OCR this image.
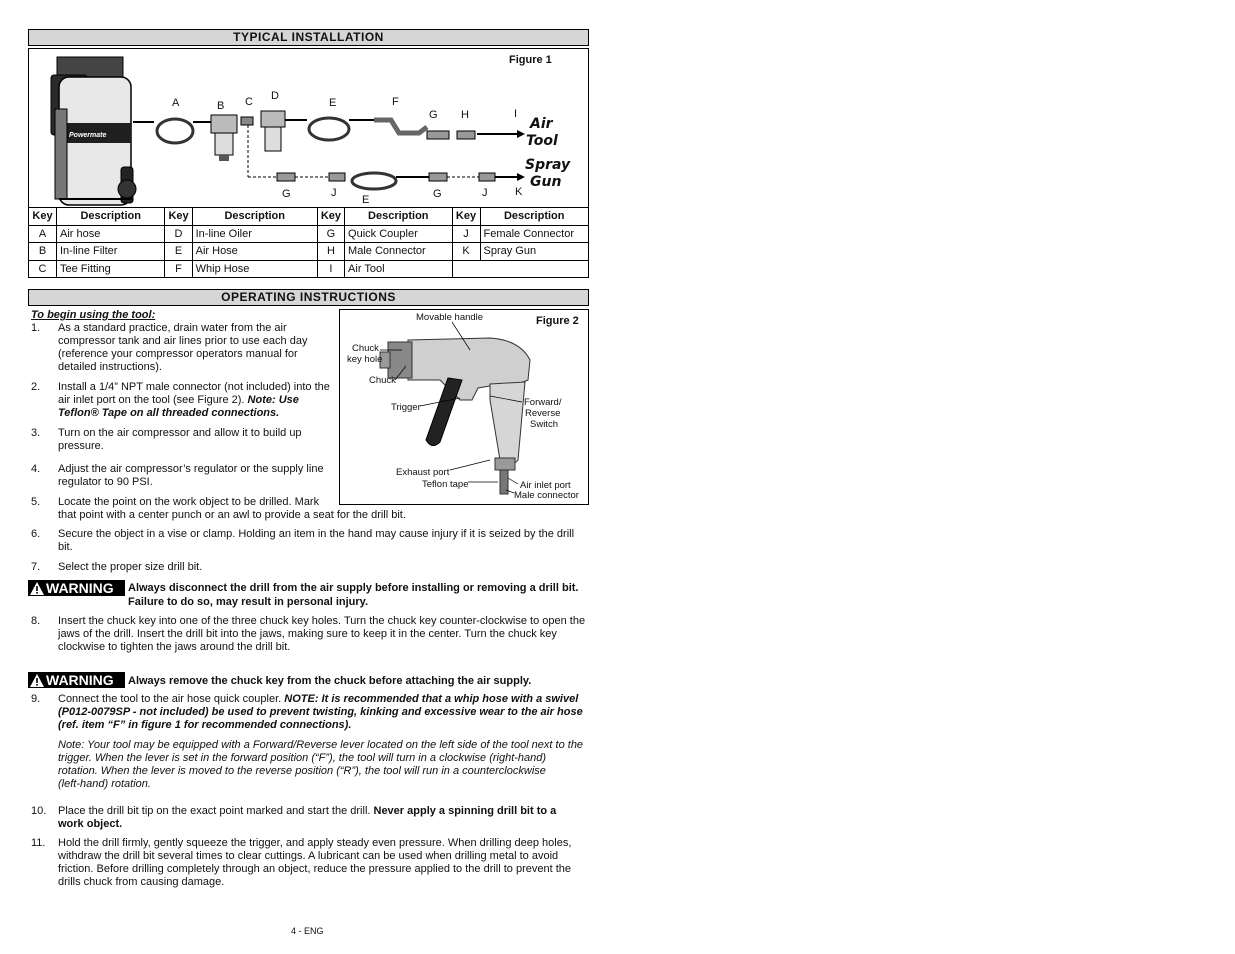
TYPICAL INSTALLATION
Figure 1
Powermate
A	B C D
E	F
G H	I
G	J
E	G	J	K
Air
Tool
Spray
Gun
Key	Description	Key	Description	Key	Description	Key	Description
A	Air hose	D	In-line Oiler	G	Quick Coupler	J	Female Connector
B	In-line Filter	E	Air Hose	H	Male Connector	K	Spray Gun
C	Tee Fitting	F	Whip Hose	I	Air Tool		
OPERATING INSTRUCTIONS
Figure 2
Movable handle
Chuck
key hole
Chuck
Trigger	Forward/
Reverse
Switch
Exhaust port
Teflon tape	Air inlet port
Male connector
To begin using the tool:
1. As a standard practice, drain water from the air
compressor tank and air lines prior to use each day
(reference your compressor operators manual for
detailed instructions).
2. Install a 1/4” NPT male connector (not included) into the
air inlet port on the tool (see Figure 2). Note: Use
Teflon® Tape on all threaded connections.
3. Turn on the air compressor and allow it to build up
pressure.
4. Adjust the air compressor’s regulator or the supply line
regulator to 90 PSI.
5. Locate the point on the work object to be drilled. Mark
that point with a center punch or an awl to provide a seat for the drill bit.
6. Secure the object in a vise or clamp. Holding an item in the hand may cause injury if it is seized by the drill
bit.
7. Select the proper size drill bit.
WARNING Always disconnect the drill from the air supply before installing or removing a drill bit.
Failure to do so, may result in personal injury.
8. Insert the chuck key into one of the three chuck key holes. Turn the chuck key counter-clockwise to open the
jaws of the drill. Insert the drill bit into the jaws, making sure to keep it in the center. Turn the chuck key
clockwise to tighten the jaws around the drill bit.
WARNING Always remove the chuck key from the chuck before attaching the air supply.
9. Connect the tool to the air hose quick coupler. NOTE: It is recommended that a whip hose with a swivel
(P012-0079SP - not included) be used to prevent twisting, kinking and excessive wear to the air hose
(ref. item “F” in figure 1 for recommended connections).
Note: Your tool may be equipped with a Forward/Reverse lever located on the left side of the tool next to the
trigger. When the lever is set in the forward position (“F”), the tool will turn in a clockwise (right-hand)
rotation. When the lever is moved to the reverse position (“R”), the tool will run in a counterclockwise
(left-hand) rotation.
10. Place the drill bit tip on the exact point marked and start the drill. Never apply a spinning drill bit to a
work object.
11. Hold the drill firmly, gently squeeze the trigger, and apply steady even pressure. When drilling deep holes,
withdraw the drill bit several times to clear cuttings. A lubricant can be used when drilling metal to avoid
friction. Before drilling completely through an object, reduce the pressure applied to the drill to prevent the
drills chuck from causing damage.
4 - ENG
